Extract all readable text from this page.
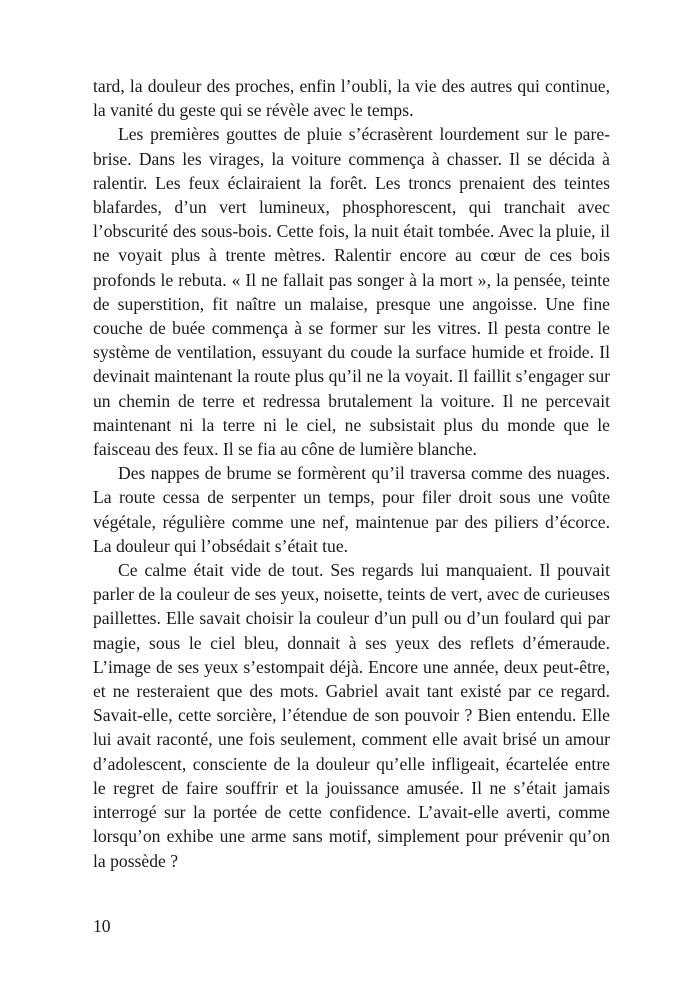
tard, la douleur des proches, enfin l’oubli, la vie des autres qui continue, la vanité du geste qui se révèle avec le temps.

Les premières gouttes de pluie s’écrasèrent lourdement sur le pare-brise. Dans les virages, la voiture commença à chasser. Il se décida à ralentir. Les feux éclairaient la forêt. Les troncs prenaient des teintes blafardes, d’un vert lumineux, phosphorescent, qui tranchait avec l’obscurité des sous-bois. Cette fois, la nuit était tombée. Avec la pluie, il ne voyait plus à trente mètres. Ralentir encore au cœur de ces bois profonds le rebuta. « Il ne fallait pas songer à la mort », la pensée, teinte de superstition, fit naître un malaise, presque une angoisse. Une fine couche de buée commença à se former sur les vitres. Il pesta contre le système de ventilation, essuyant du coude la surface humide et froide. Il devinait maintenant la route plus qu’il ne la voyait. Il faillit s’engager sur un chemin de terre et redressa brutalement la voiture. Il ne percevait maintenant ni la terre ni le ciel, ne subsistait plus du monde que le faisceau des feux. Il se fia au cône de lumière blanche.

Des nappes de brume se formèrent qu’il traversa comme des nuages. La route cessa de serpenter un temps, pour filer droit sous une voûte végétale, régulière comme une nef, maintenue par des piliers d’écorce. La douleur qui l’obsédait s’était tue.

Ce calme était vide de tout. Ses regards lui manquaient. Il pouvait parler de la couleur de ses yeux, noisette, teints de vert, avec de curieuses paillettes. Elle savait choisir la couleur d’un pull ou d’un foulard qui par magie, sous le ciel bleu, donnait à ses yeux des reflets d’émeraude. L’image de ses yeux s’estompait déjà. Encore une année, deux peut-être, et ne resteraient que des mots. Gabriel avait tant existé par ce regard. Savait-elle, cette sorcière, l’étendue de son pouvoir ? Bien entendu. Elle lui avait raconté, une fois seulement, comment elle avait brisé un amour d’adolescent, consciente de la douleur qu’elle infligeait, écartelée entre le regret de faire souffrir et la jouissance amusée. Il ne s’était jamais interrogé sur la portée de cette confidence. L’avait-elle averti, comme lorsqu’on exhibe une arme sans motif, simplement pour prévenir qu’on la possède ?

10
